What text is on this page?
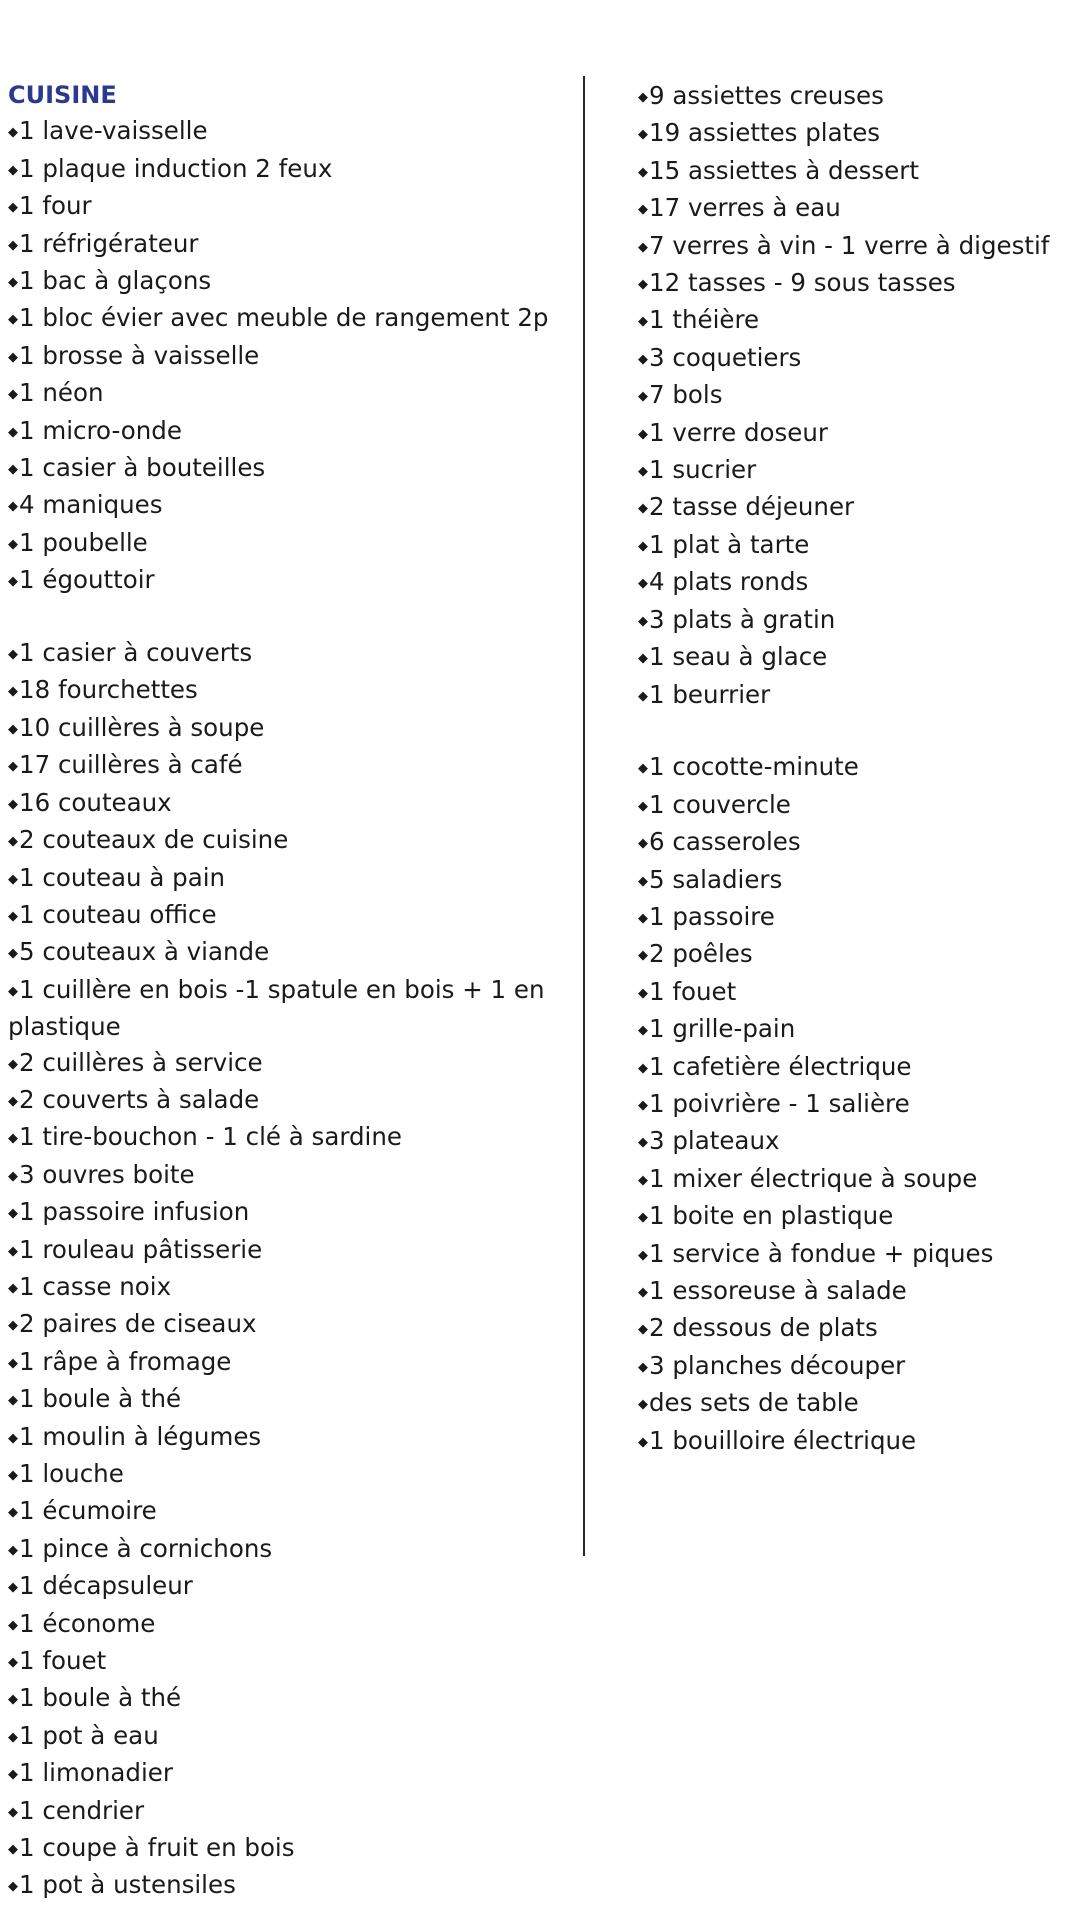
CUISINE
◆1 lave-vaisselle
◆1 plaque induction 2 feux
◆1 four
◆1 réfrigérateur
◆1 bac à glaçons
◆1 bloc évier avec meuble de rangement 2p
◆1 brosse à vaisselle
◆1 néon
◆1 micro-onde
◆1 casier à bouteilles
◆4 maniques
◆1 poubelle
◆1 égouttoir
◆1 casier à couverts
◆18 fourchettes
◆10 cuillères à soupe
◆17 cuillères à café
◆16 couteaux
◆2 couteaux de cuisine
◆1 couteau à pain
◆1 couteau office
◆5 couteaux à viande
◆1 cuillère en bois -1 spatule en bois + 1 en plastique
◆2 cuillères à service
◆2 couverts à salade
◆1 tire-bouchon - 1 clé à sardine
◆3 ouvres boite
◆1 passoire infusion
◆1 rouleau pâtisserie
◆1 casse noix
◆2 paires de ciseaux
◆1 râpe à fromage
◆1 boule à thé
◆1 moulin à légumes
◆1 louche
◆1 écumoire
◆1 pince à cornichons
◆1 décapsuleur
◆1 économe
◆1 fouet
◆1 boule à thé
◆1 pot à eau
◆1 limonadier
◆1 cendrier
◆1 coupe à fruit en bois
◆1 pot à ustensiles
◆9 assiettes creuses
◆19 assiettes plates
◆15 assiettes à dessert
◆17 verres à eau
◆7 verres à vin - 1 verre à digestif
◆12 tasses - 9 sous tasses
◆1 théière
◆3 coquetiers
◆7 bols
◆1 verre doseur
◆1 sucrier
◆2 tasse déjeuner
◆1 plat à tarte
◆4 plats ronds
◆3 plats à gratin
◆1 seau à glace
◆1 beurrier
◆1 cocotte-minute
◆1 couvercle
◆6 casseroles
◆5 saladiers
◆1 passoire
◆2 poêles
◆1 fouet
◆1 grille-pain
◆1 cafetière électrique
◆1 poivrière - 1 salière
◆3 plateaux
◆1 mixer électrique à soupe
◆1 boite en plastique
◆1 service à fondue + piques
◆1 essoreuse à salade
◆2 dessous de plats
◆3 planches découper
◆des sets de table
◆1 bouilloire électrique
